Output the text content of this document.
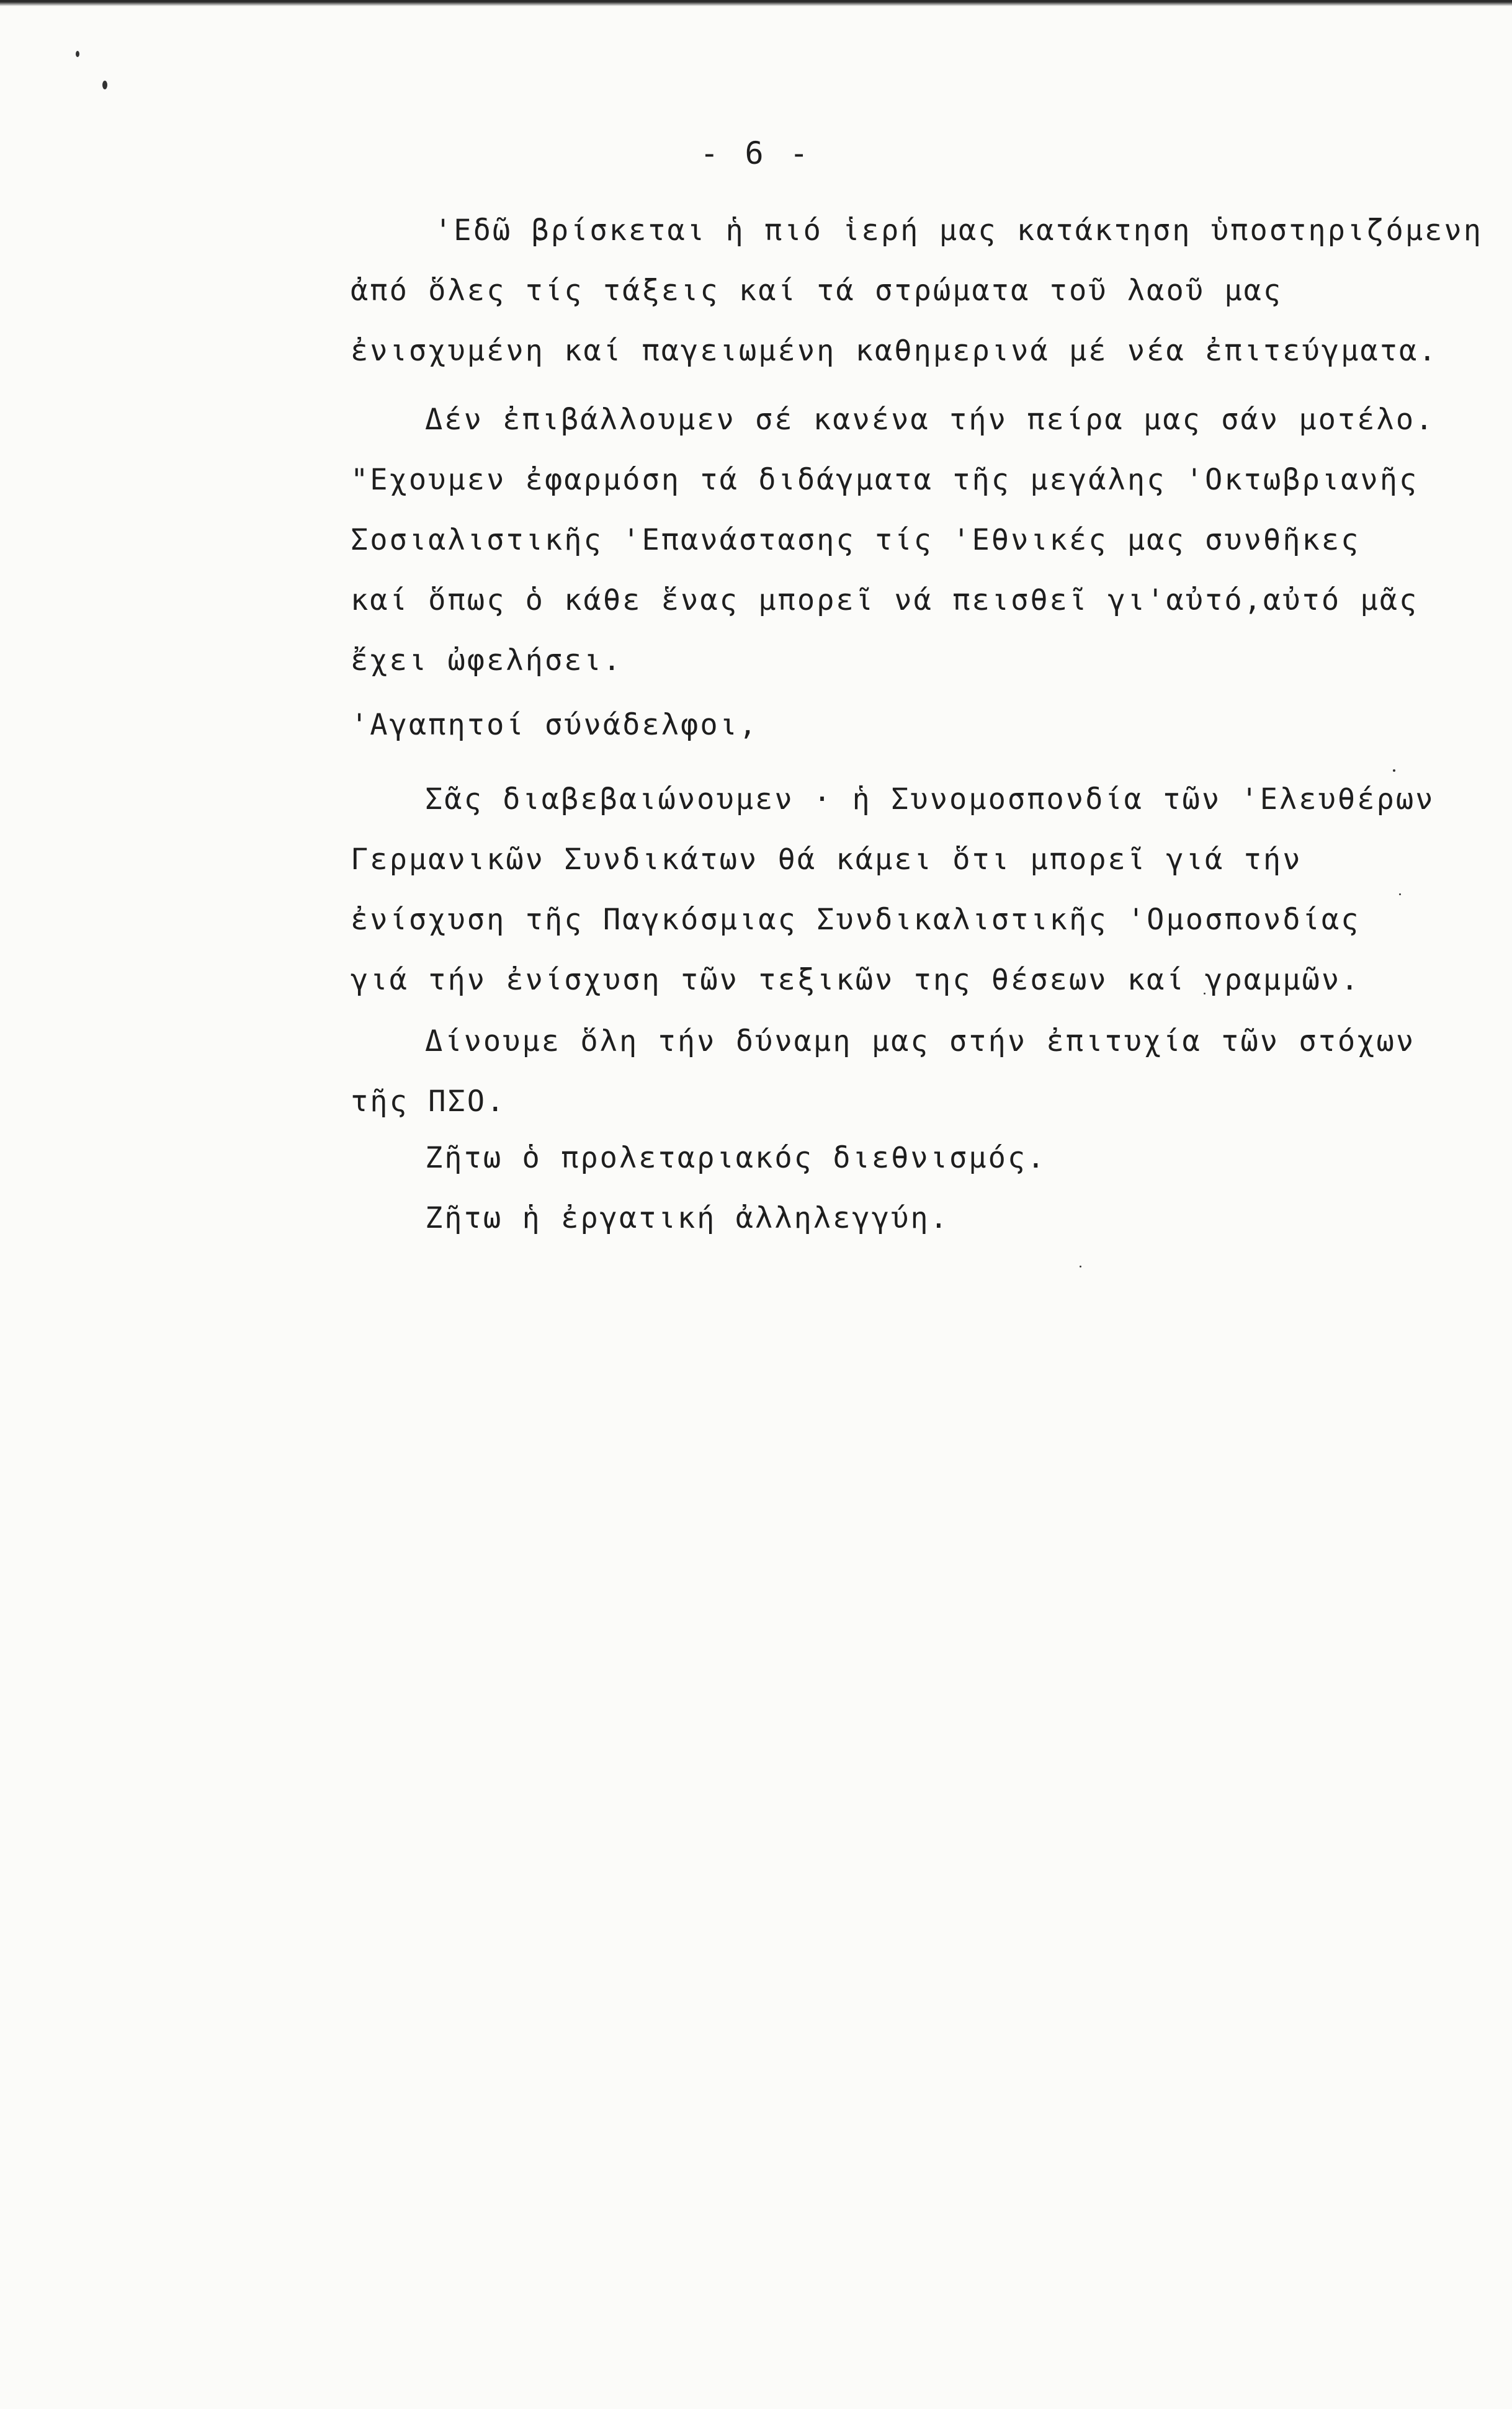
- 6 -
'Εδῶ βρίσκεται ἡ πιό ἱερή μας κατάκτηση ὑποστηριζόμενη
ἀπό ὅλες τίς τάξεις καί τά στρώματα τοῦ λαοῦ μας
ἐνισχυμένη καί παγειωμένη καθημερινά μέ νέα ἐπιτεύγματα.
Δέν ἐπιβάλλουμεν σέ κανένα τήν πείρα μας σάν μοτέλο.
"Εχουμεν ἐφαρμόση τά διδάγματα τῆς μεγάλης 'Οκτωβριανῆς
Σοσιαλιστικῆς 'Επανάστασης τίς 'Εθνικές μας συνθῆκες
καί ὅπως ὁ κάθε ἕνας μπορεῖ νά πεισθεῖ γι'αὐτό,αὐτό μᾶς
ἔχει ὠφελήσει.
'Αγαπητοί σύνάδελφοι,
Σᾶς διαβεβαιώνουμεν · ἡ Συνομοσπονδία τῶν 'Ελευθέρων
Γερμανικῶν Συνδικάτων θά κάμει ὅτι μπορεῖ γιά τήν
ἐνίσχυση τῆς Παγκόσμιας Συνδικαλιστικῆς 'Ομοσπονδίας
γιά τήν ἐνίσχυση τῶν τεξικῶν της θέσεων καί γραμμῶν.
Δίνουμε ὅλη τήν δύναμη μας στήν ἐπιτυχία τῶν στόχων
τῆς ΠΣΟ.
Ζῆτω ὁ προλεταριακός διεθνισμός.
Ζῆτω ἡ ἐργατική ἀλληλεγγύη.
